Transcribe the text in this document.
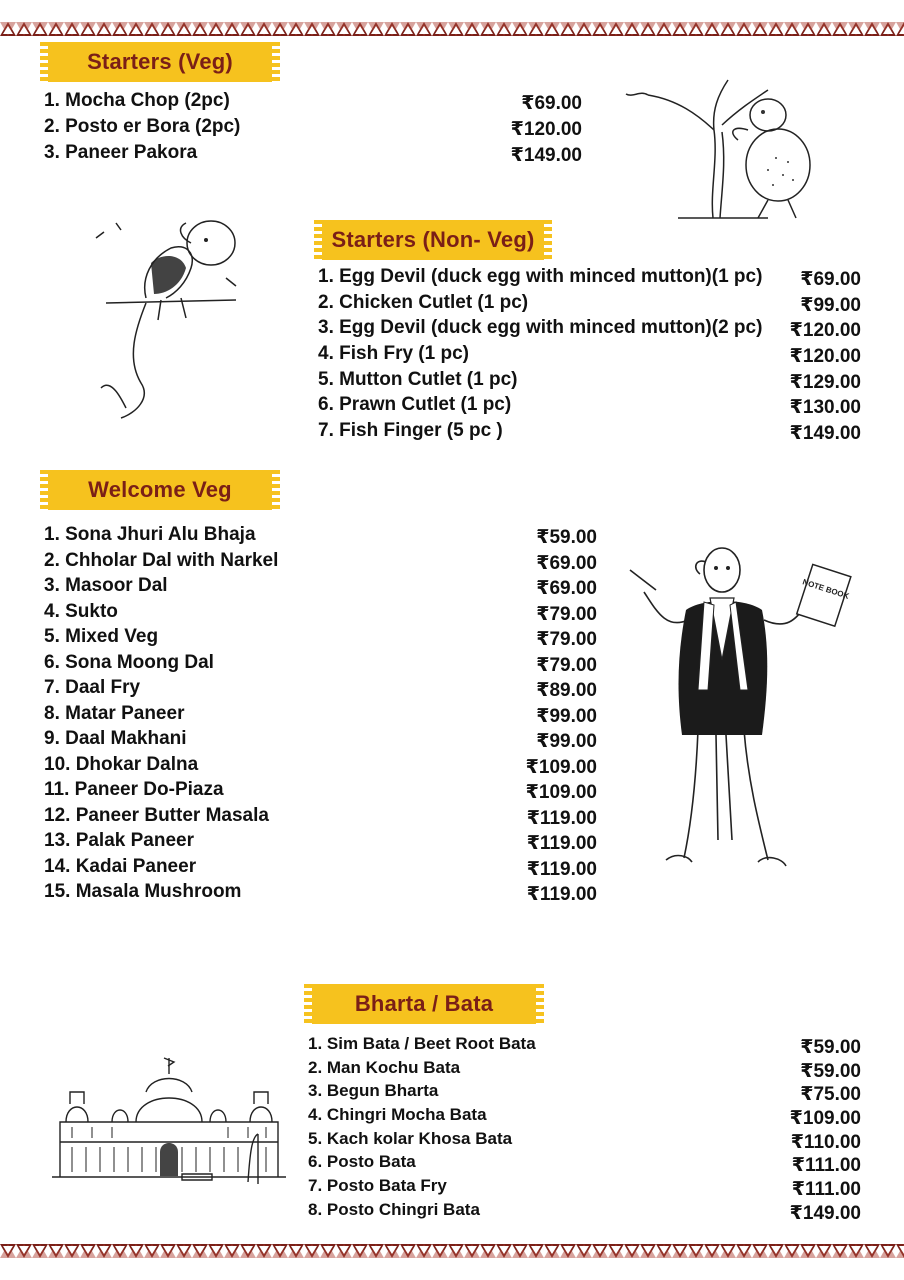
Starters (Veg)
1. Mocha Chop (2pc)	₹69.00
2. Posto er Bora (2pc)	₹120.00
3. Paneer Pakora	₹149.00
Starters (Non- Veg)
1. Egg Devil (duck egg with minced mutton)(1 pc) ₹69.00
2. Chicken Cutlet (1 pc)	₹99.00
3. Egg Devil (duck egg with minced mutton)(2 pc) ₹120.00
4. Fish Fry (1 pc)	₹120.00
5. Mutton Cutlet (1 pc)	₹129.00
6. Prawn Cutlet (1 pc)	₹130.00
7. Fish Finger (5 pc )	₹149.00
Welcome Veg
1. Sona Jhuri Alu Bhaja	₹59.00
2. Chholar Dal with Narkel	₹69.00
3. Masoor Dal	₹69.00
4. Sukto	₹79.00
5. Mixed Veg	₹79.00
6. Sona Moong Dal	₹79.00
7. Daal Fry	₹89.00
8. Matar Paneer	₹99.00
9. Daal Makhani	₹99.00
10. Dhokar Dalna	₹109.00
11. Paneer Do-Piaza	₹109.00
12. Paneer Butter Masala	₹119.00
13. Palak Paneer	₹119.00
14. Kadai Paneer	₹119.00
15. Masala Mushroom	₹119.00
NOTE BOOK
Bharta / Bata
1. Sim Bata / Beet Root Bata	₹59.00
2. Man Kochu Bata	₹59.00
3. Begun Bharta	₹75.00
4. Chingri Mocha Bata	₹109.00
5. Kach kolar Khosa Bata	₹110.00
6. Posto Bata	₹111.00
7. Posto Bata Fry	₹111.00
8. Posto Chingri Bata	₹149.00
